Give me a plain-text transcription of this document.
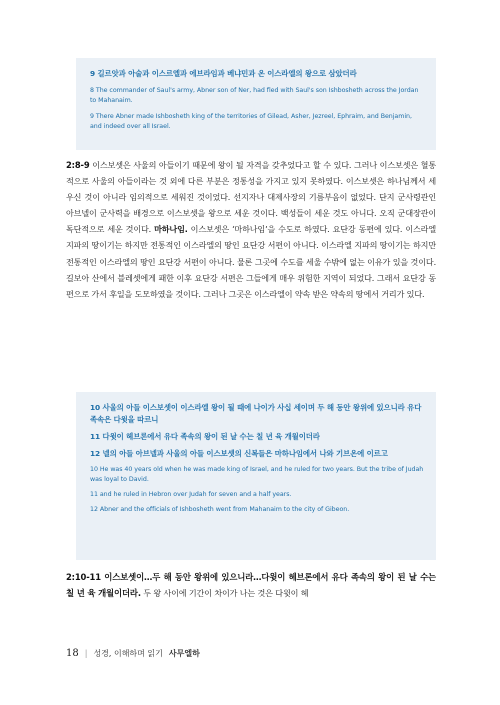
9 길르앗과 아술과 이스르엘과 에브라임과 베냐민과 온 이스라엘의 왕으로 삼았더라

8 The commander of Saul's army, Abner son of Ner, had fled with Saul's son Ishbosheth across the Jordan to Mahanaim.

9 There Abner made Ishbosheth king of the territories of Gilead, Asher, Jezreel, Ephraim, and Benjamin, and indeed over all Israel.

2:8-9 이스보셋은 사울의 아들이기 때문에 왕이 될 자격을 갖추었다고 할 수 있다. 그러나 이스보셋은 혈통적으로 사울의 아들이라는 것 외에 다른 부분은 정통성을 가지고 있지 못하였다. 이스보셋은 하나님께서 세우신 것이 아니라 임의적으로 세워진 것이었다. 선지자나 대제사장의 기름부음이 없었다. 단지 군사령관인 아브넬이 군사력을 배경으로 이스보셋을 왕으로 세운 것이다. 백성들이 세운 것도 아니다. 오직 군대장관이 독단적으로 세운 것이다. 마하나임. 이스보셋은 ‘마하나임’을 수도로 하였다. 요단강 동편에 있다. 이스라엘 지파의 땅이기는 하지만 전통적인 이스라엘의 땅인 요단강 서편이 아니다. 이스라엘 지파의 땅이기는 하지만 전통적인 이스라엘의 땅인 요단강 서편이 아니다. 물론 그곳에 수도를 세울 수밖에 없는 이유가 있을 것이다. 길보아 산에서 블레셋에게 패한 이후 요단강 서편은 그들에게 매우 위험한 지역이 되었다. 그래서 요단강 동편으로 가서 후일을 도모하였을 것이다. 그러나 그곳은 이스라엘이 약속 받은 약속의 땅에서 거리가 있다.

10 사울의 아들 이스보셋이 이스라엘 왕이 될 때에 나이가 사십 세이며 두 해 동안 왕위에 있으니라 유다 족속은 다윗을 따르니

11 다윗이 헤브론에서 유다 족속의 왕이 된 날 수는 칠 년 육 개월이더라

12 넬의 아들 아브넬과 사울의 아들 이스보셋의 신복들은 마하나임에서 나와 기브온에 이르고

10 He was 40 years old when he was made king of Israel, and he ruled for two years. But the tribe of Judah was loyal to David.

11 and he ruled in Hebron over Judah for seven and a half years.

12 Abner and the officials of Ishbosheth went from Mahanaim to the city of Gibeon.

2:10-11 이스보셋이…두 해 동안 왕위에 있으니라…다윗이 헤브론에서 유다 족속의 왕이 된 날 수는 칠 년 육 개월이더라. 두 왕 사이에 기간이 차이가 나는 것은 다윗이 헤
18 | 성경, 이해하며 읽기 사무엘하
